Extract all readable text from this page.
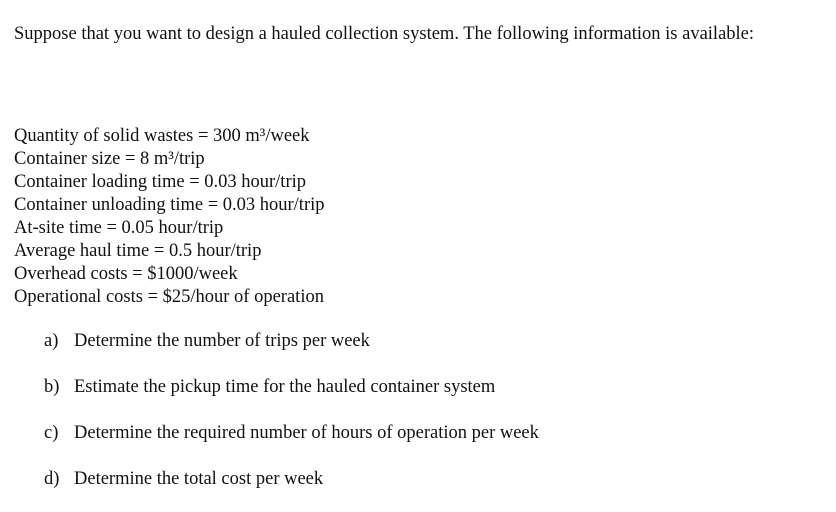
Suppose that you want to design a hauled collection system. The following information is available:

Quantity of solid wastes = 300 m³/week
Container size = 8 m³/trip
Container loading time = 0.03 hour/trip
Container unloading time = 0.03 hour/trip
At-site time = 0.05 hour/trip
Average haul time = 0.5 hour/trip
Overhead costs = $1000/week
Operational costs = $25/hour of operation
a) Determine the number of trips per week
b) Estimate the pickup time for the hauled container system
c) Determine the required number of hours of operation per week
d) Determine the total cost per week
